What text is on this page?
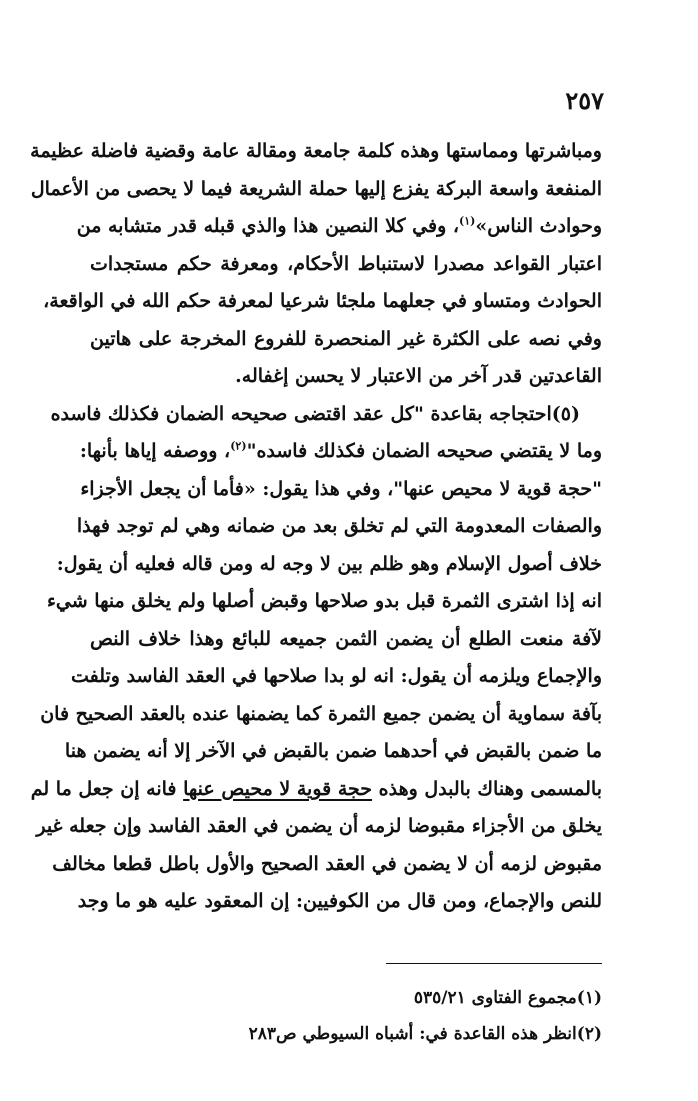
٢٥٧
ومباشرتها ومماستها وهذه كلمة جامعة ومقالة عامة وقضية فاضلة عظيمة
المنفعة واسعة البركة يفزع إليها حملة الشريعة فيما لا يحصى من الأعمال
وحوادث الناس»$^{(١)}$، وفي كلا النصين هذا والذي قبله قدر متشابه من
اعتبار القواعد مصدرا لاستنباط الأحكام، ومعرفة حكم مستجدات
الحوادث ومتساو في جعلهما ملجئا شرعيا لمعرفة حكم الله في الواقعة،
وفي نصه على الكثرة غير المنحصرة للفروع المخرجة على هاتين
القاعدتين قدر آخر من الاعتبار لا يحسن إغفاله.
(٥)احتجاجه بقاعدة "كل عقد اقتضى صحيحه الضمان فكذلك فاسده
وما لا يقتضي صحيحه الضمان فكذلك فاسده"$^{(٢)}$، ووصفه إياها بأنها:
"حجة قوية لا محيص عنها"، وفي هذا يقول: «فأما أن يجعل الأجزاء
والصفات المعدومة التي لم تخلق بعد من ضمانه وهي لم توجد فهذا
خلاف أصول الإسلام وهو ظلم بين لا وجه له ومن قاله فعليه أن يقول:
انه إذا اشترى الثمرة قبل بدو صلاحها وقبض أصلها ولم يخلق منها شيء
لآفة منعت الطلع أن يضمن الثمن جميعه للبائع وهذا خلاف النص
والإجماع ويلزمه أن يقول: انه لو بدا صلاحها في العقد الفاسد وتلفت
بآفة سماوية أن يضمن جميع الثمرة كما يضمنها عنده بالعقد الصحيح فان
ما ضمن بالقبض في أحدهما ضمن بالقبض في الآخر إلا أنه يضمن هنا
بالمسمى وهناك بالبدل وهذه حجة قوية لا محيص عنها فانه إن جعل ما لم
يخلق من الأجزاء مقبوضا لزمه أن يضمن في العقد الفاسد وإن جعله غير
مقبوض لزمه أن لا يضمن في العقد الصحيح والأول باطل قطعا مخالف
للنص والإجماع، ومن قال من الكوفيين: إن المعقود عليه هو ما وجد
(١)مجموع الفتاوى ٥٣٥/٢١
(٢)انظر هذه القاعدة في: أشباه السيوطي ص٢٨٣
